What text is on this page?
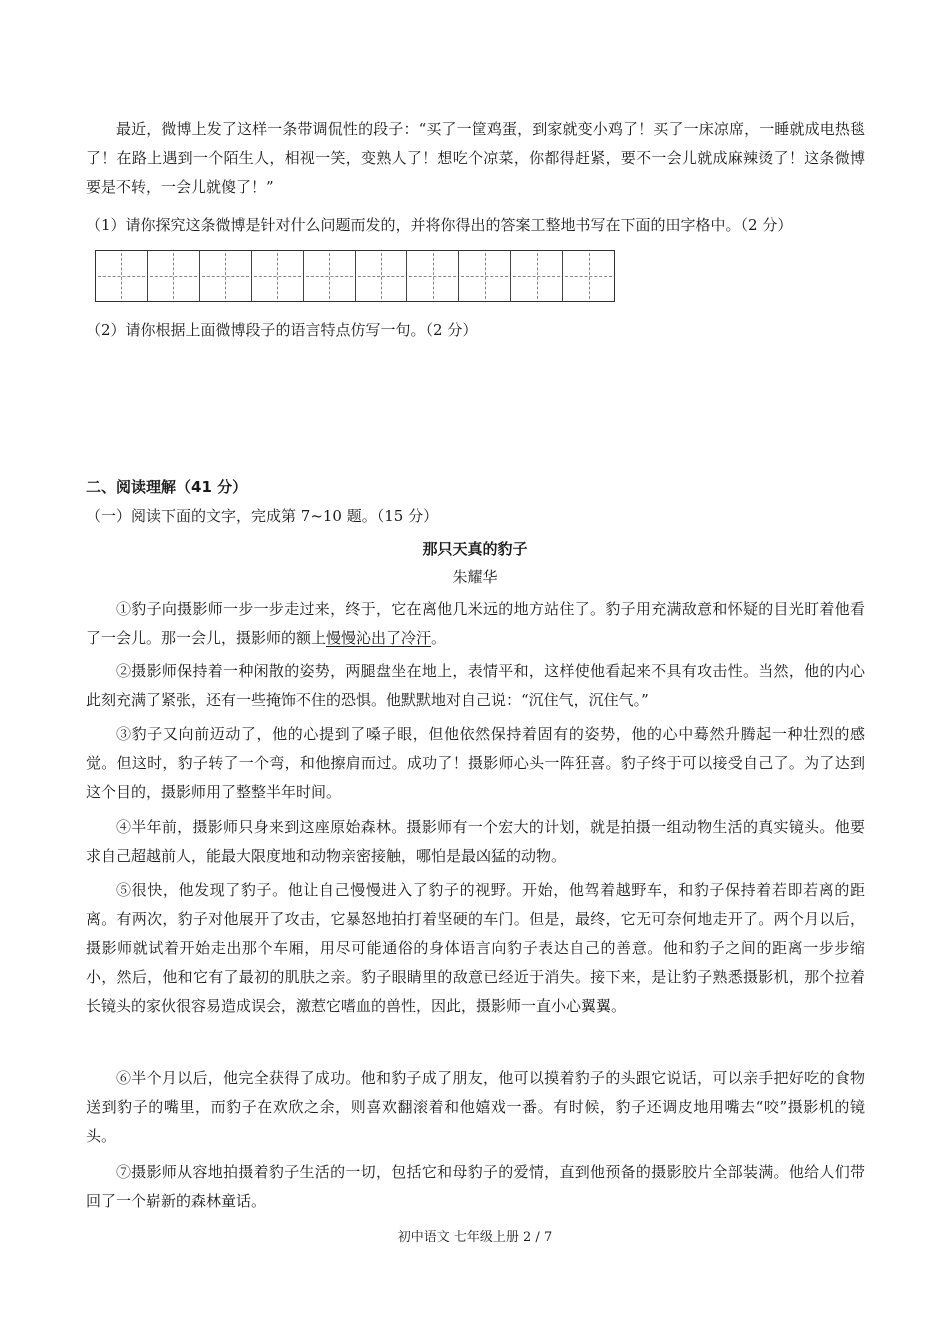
最近，微博上发了这样一条带调侃性的段子：“买了一筐鸡蛋，到家就变小鸡了！买了一床凉席，一睡就成电热毯了！在路上遇到一个陌生人，相视一笑，变熟人了！想吃个凉菜，你都得赶紧，要不一会儿就成麻辣烫了！这条微博要是不转，一会儿就傻了！”

（1）请你探究这条微博是针对什么问题而发的，并将你得出的答案工整地书写在下面的田字格中。（2 分）

（2）请你根据上面微博段子的语言特点仿写一句。（2 分）

二、阅读理解（41 分）

（一）阅读下面的文字，完成第 7~10 题。（15 分）

那只天真的豹子

朱耀华

①豹子向摄影师一步一步走过来，终于，它在离他几米远的地方站住了。豹子用充满敌意和怀疑的目光盯着他看了一会儿。那一会儿，摄影师的额上慢慢沁出了冷汗。

②摄影师保持着一种闲散的姿势，两腿盘坐在地上，表情平和，这样使他看起来不具有攻击性。当然，他的内心此刻充满了紧张，还有一些掩饰不住的恐惧。他默默地对自己说：“沉住气，沉住气。”

③豹子又向前迈动了，他的心提到了嗓子眼，但他依然保持着固有的姿势，他的心中蓦然升腾起一种壮烈的感觉。但这时，豹子转了一个弯，和他擦肩而过。成功了！摄影师心头一阵狂喜。豹子终于可以接受自己了。为了达到这个目的，摄影师用了整整半年时间。

④半年前，摄影师只身来到这座原始森林。摄影师有一个宏大的计划，就是拍摄一组动物生活的真实镜头。他要求自己超越前人，能最大限度地和动物亲密接触，哪怕是最凶猛的动物。

⑤很快，他发现了豹子。他让自己慢慢进入了豹子的视野。开始，他驾着越野车，和豹子保持着若即若离的距离。有两次，豹子对他展开了攻击，它暴怒地拍打着坚硬的车门。但是，最终，它无可奈何地走开了。两个月以后，摄影师就试着开始走出那个车厢，用尽可能通俗的身体语言向豹子表达自己的善意。他和豹子之间的距离一步步缩小，然后，他和它有了最初的肌肤之亲。豹子眼睛里的敌意已经近于消失。接下来，是让豹子熟悉摄影机，那个拉着长镜头的家伙很容易造成误会，激惹它嗜血的兽性，因此，摄影师一直小心翼翼。

⑥半个月以后，他完全获得了成功。他和豹子成了朋友，他可以摸着豹子的头跟它说话，可以亲手把好吃的食物送到豹子的嘴里，而豹子在欢欣之余，则喜欢翻滚着和他嬉戏一番。有时候，豹子还调皮地用嘴去“咬”摄影机的镜头。

⑦摄影师从容地拍摄着豹子生活的一切，包括它和母豹子的爱情，直到他预备的摄影胶片全部装满。他给人们带回了一个崭新的森林童话。

初中语文 七年级上册 2 / 7
